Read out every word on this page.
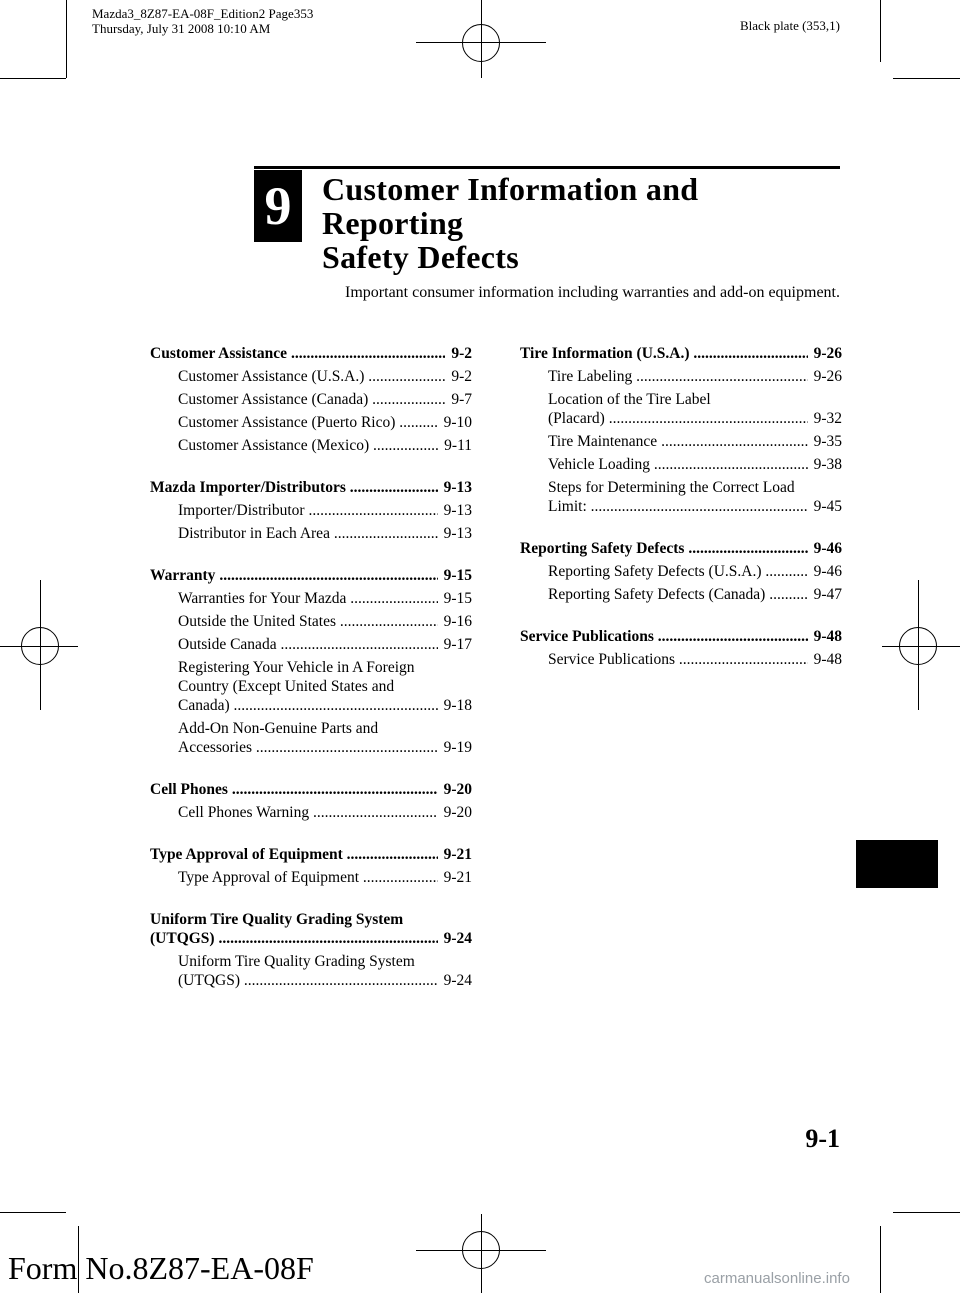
Mazda3_8Z87-EA-08F_Edition2 Page353
Thursday, July 31 2008 10:10 AM	Black plate (353,1)
9 Customer Information and Reporting
Safety Defects
Important consumer information including warranties and add-on equipment.
Customer Assistance .....	9-2
Customer Assistance (U.S.A.) .....	9-2
Customer Assistance (Canada) .....	9-7
Customer Assistance (Puerto Rico) .....	9-10
Customer Assistance (Mexico) .....	9-11
Mazda Importer/Distributors .....	9-13
Importer/Distributor .....	9-13
Distributor in Each Area .....	9-13
Warranty .....	9-15
Warranties for Your Mazda .....	9-15
Outside the United States .....	9-16
Outside Canada .....	9-17
Registering Your Vehicle in A Foreign
Country (Except United States and
Canada) .....	9-18
Add-On Non-Genuine Parts and
Accessories .....	9-19
Cell Phones .....	9-20
Cell Phones Warning .....	9-20
Type Approval of Equipment .....	9-21
Type Approval of Equipment .....	9-21
Uniform Tire Quality Grading System
(UTQGS) .....	9-24
Uniform Tire Quality Grading System
(UTQGS) .....	9-24
Tire Information (U.S.A.) .....	9-26
Tire Labeling .....	9-26
Location of the Tire Label
(Placard) .....	9-32
Tire Maintenance .....	9-35
Vehicle Loading .....	9-38
Steps for Determining the Correct Load
Limit: .....	9-45
Reporting Safety Defects .....	9-46
Reporting Safety Defects (U.S.A.) .....	9-46
Reporting Safety Defects (Canada) .....	9-47
Service Publications .....	9-48
Service Publications .....	9-48
9-1
Form No.8Z87-EA-08F	carmanualsonline.info
